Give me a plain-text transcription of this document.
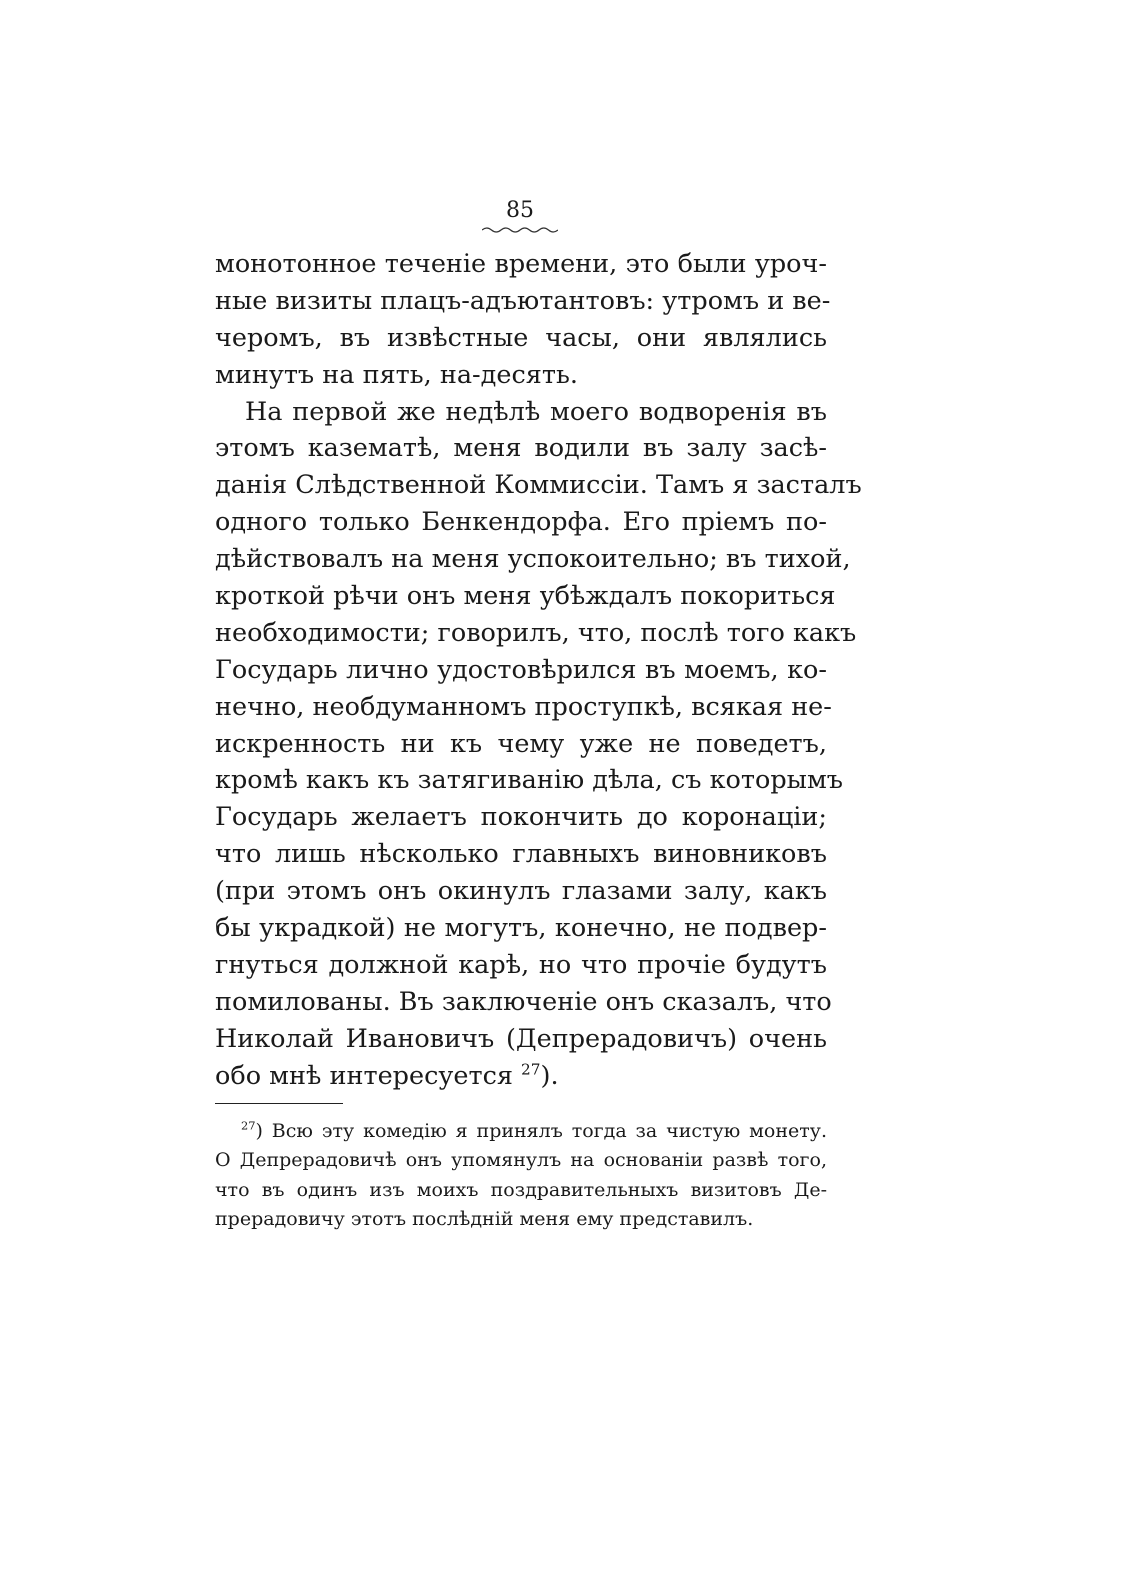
85
монотонное теченіе времени, это были уроч-
ные визиты плацъ-адъютантовъ: утромъ и ве-
черомъ, въ извѣстные часы, они являлись
минутъ на пять, на-десять.
На первой же недѣлѣ моего водворенія въ
этомъ казематѣ, меня водили въ залу засѣ-
данія Слѣдственной Коммиссіи. Тамъ я засталъ
одного только Бенкендорфа. Его пріемъ по-
дѣйствовалъ на меня успокоительно; въ тихой,
кроткой рѣчи онъ меня убѣждалъ покориться
необходимости; говорилъ, что, послѣ того какъ
Государь лично удостовѣрился въ моемъ, ко-
нечно, необдуманномъ проступкѣ, всякая не-
искренность ни къ чему уже не поведетъ,
кромѣ какъ къ затягиванію дѣла, съ которымъ
Государь желаетъ покончить до коронаціи;
что лишь нѣсколько главныхъ виновниковъ
(при этомъ онъ окинулъ глазами залу, какъ
бы украдкой) не могутъ, конечно, не подвер-
гнуться должной карѣ, но что прочіе будутъ
помилованы. Въ заключеніе онъ сказалъ, что
Николай Ивановичъ (Депрерадовичъ) очень
обо мнѣ интересуется $^{27}$).
$^{27}$) Всю эту комедію я принялъ тогда за чистую монету.
О Депрерадовичѣ онъ упомянулъ на основаніи развѣ того,
что въ одинъ изъ моихъ поздравительныхъ визитовъ Де-
прерадовичу этотъ послѣдній меня ему представилъ.
